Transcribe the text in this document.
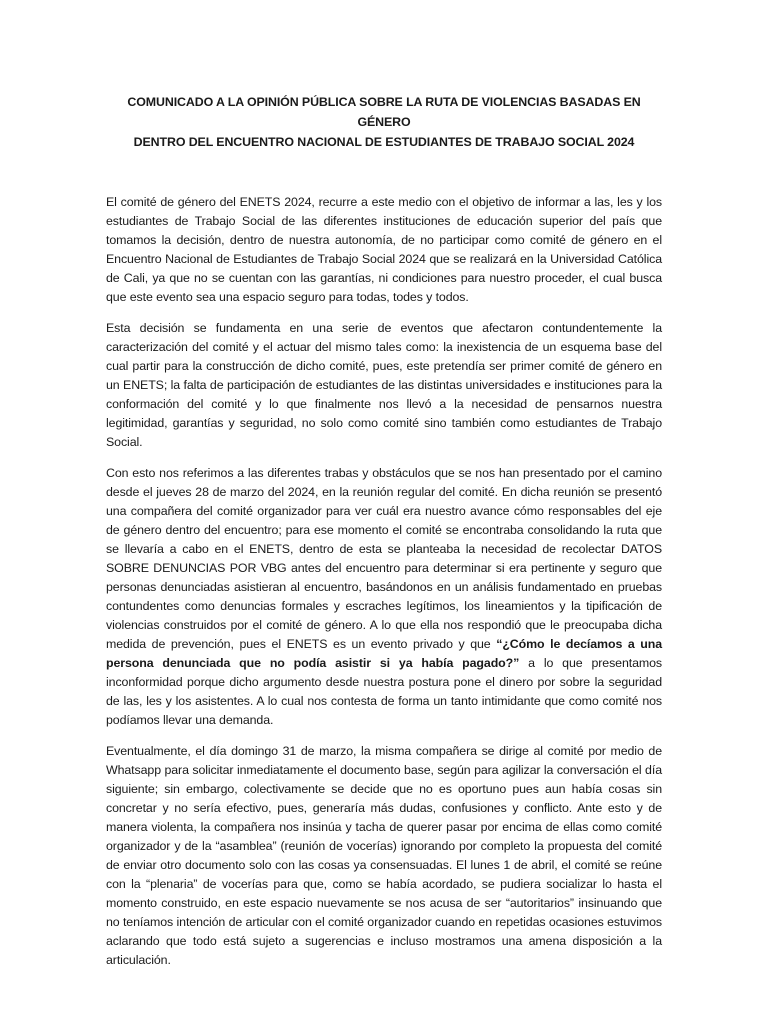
COMUNICADO A LA OPINIÓN PÚBLICA SOBRE LA RUTA DE VIOLENCIAS BASADAS EN GÉNERO
DENTRO DEL ENCUENTRO NACIONAL DE ESTUDIANTES DE TRABAJO SOCIAL 2024

El comité de género del ENETS 2024, recurre a este medio con el objetivo de informar a las, les y los estudiantes de Trabajo Social de las diferentes instituciones de educación superior del país que tomamos la decisión, dentro de nuestra autonomía, de no participar como comité de género en el Encuentro Nacional de Estudiantes de Trabajo Social 2024 que se realizará en la Universidad Católica de Cali, ya que no se cuentan con las garantías, ni condiciones para nuestro proceder, el cual busca que este evento sea una espacio seguro para todas, todes y todos.

Esta decisión se fundamenta en una serie de eventos que afectaron contundentemente la caracterización del comité y el actuar del mismo tales como: la inexistencia de un esquema base del cual partir para la construcción de dicho comité, pues, este pretendía ser primer comité de género en un ENETS; la falta de participación de estudiantes de las distintas universidades e instituciones para la conformación del comité y lo que finalmente nos llevó a la necesidad de pensarnos nuestra legitimidad, garantías y seguridad, no solo como comité sino también como estudiantes de Trabajo Social.

Con esto nos referimos a las diferentes trabas y obstáculos que se nos han presentado por el camino desde el jueves 28 de marzo del 2024, en la reunión regular del comité. En dicha reunión se presentó una compañera del comité organizador para ver cuál era nuestro avance cómo responsables del eje de género dentro del encuentro; para ese momento el comité se encontraba consolidando la ruta que se llevaría a cabo en el ENETS, dentro de esta se planteaba la necesidad de recolectar DATOS SOBRE DENUNCIAS POR VBG antes del encuentro para determinar si era pertinente y seguro que personas denunciadas asistieran al encuentro, basándonos en un análisis fundamentado en pruebas contundentes como denuncias formales y escraches legítimos, los lineamientos y la tipificación de violencias construidos por el comité de género. A lo que ella nos respondió que le preocupaba dicha medida de prevención, pues el ENETS es un evento privado y que “¿Cómo le decíamos a una persona denunciada que no podía asistir si ya había pagado?” a lo que presentamos inconformidad porque dicho argumento desde nuestra postura pone el dinero por sobre la seguridad de las, les y los asistentes. A lo cual nos contesta de forma un tanto intimidante que como comité nos podíamos llevar una demanda.

Eventualmente, el día domingo 31 de marzo, la misma compañera se dirige al comité por medio de Whatsapp para solicitar inmediatamente el documento base, según para agilizar la conversación el día siguiente; sin embargo, colectivamente se decide que no es oportuno pues aun había cosas sin concretar y no sería efectivo, pues, generaría más dudas, confusiones y conflicto. Ante esto y de manera violenta, la compañera nos insinúa y tacha de querer pasar por encima de ellas como comité organizador y de la “asamblea” (reunión de vocerías) ignorando por completo la propuesta del comité de enviar otro documento solo con las cosas ya consensuadas. El lunes 1 de abril, el comité se reúne con la “plenaria” de vocerías para que, como se había acordado, se pudiera socializar lo hasta el momento construido, en este espacio nuevamente se nos acusa de ser “autoritarios” insinuando que no teníamos intención de articular con el comité organizador cuando en repetidas ocasiones estuvimos aclarando que todo está sujeto a sugerencias e incluso mostramos una amena disposición a la articulación.
